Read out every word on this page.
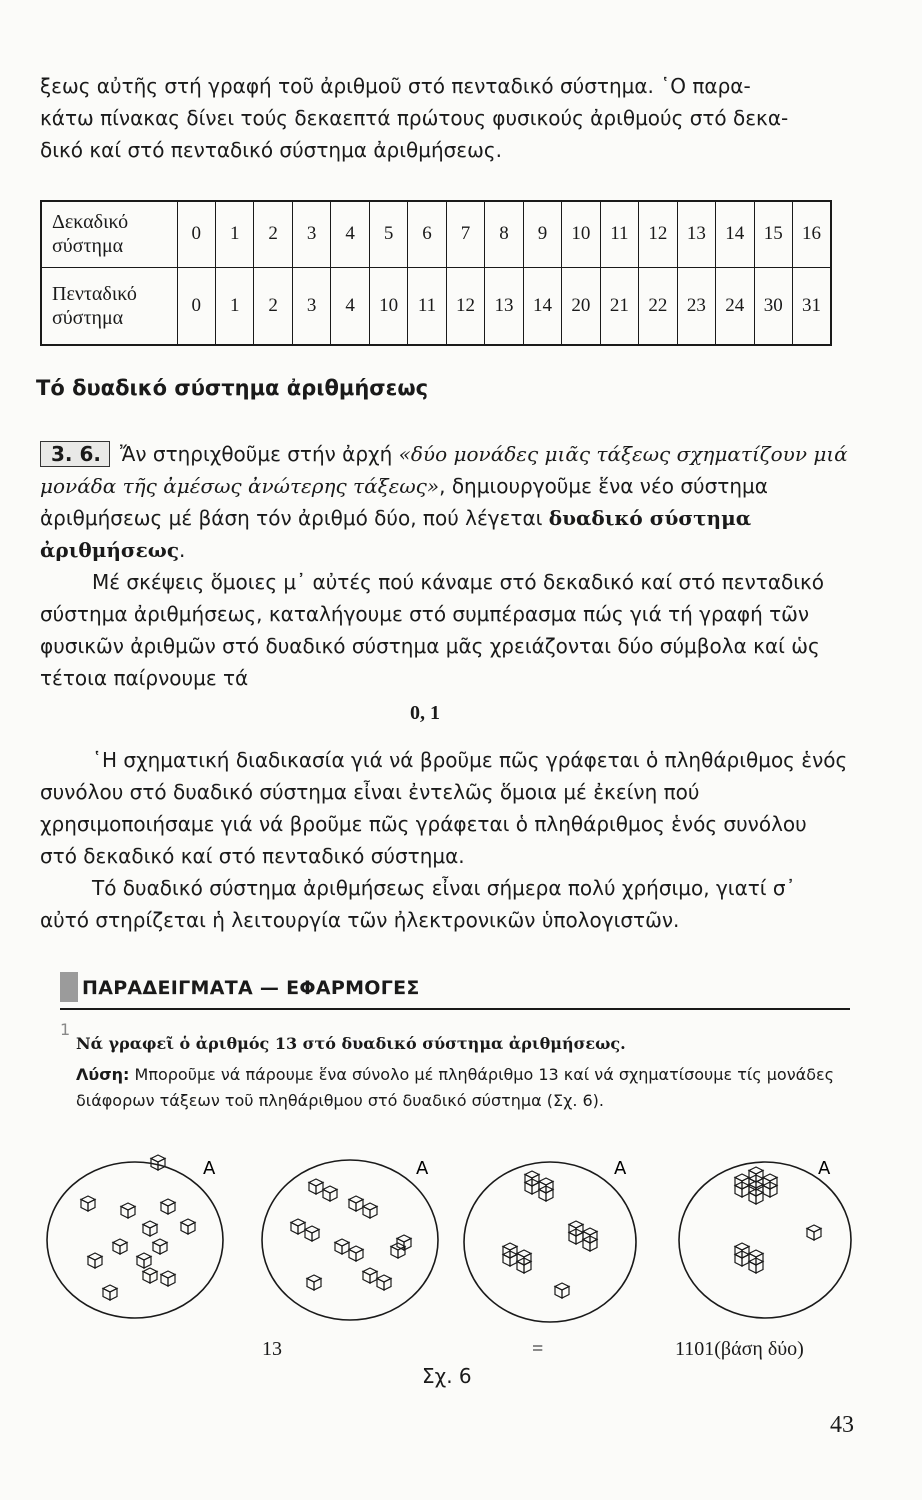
ξεως αὐτῆς στή γραφή τοῦ ἀριθμοῦ στό πενταδικό σύστημα. ῾Ο παρα-
κάτω πίνακας δίνει τούς δεκαεπτά πρώτους φυσικούς ἀριθμούς στό δεκα-
δικό καί στό πενταδικό σύστημα ἀριθμήσεως.
Δεκαδικό
σύστημα	0	1	2	3	4	5	6	7	8	9	10	11	12	13	14	15	16
Πενταδικό
σύστημα	0	1	2	3	4	10	11	12	13	14	20	21	22	23	24	30	31
Τό δυαδικό σύστημα ἀριθμήσεως

3. 6. Ἄν στηριχθοῦμε στήν ἀρχή «δύο μονάδες μιᾶς τάξεως σχηματίζουν μιά μονάδα τῆς ἀμέσως ἀνώτερης τάξεως», δημιουργοῦμε ἕνα νέο σύστημα ἀριθμήσεως μέ βάση τόν ἀριθμό δύο, πού λέγεται δυαδικό σύστημα ἀριθμήσεως.

Μέ σκέψεις ὅμοιες μ᾿ αὐτές πού κάναμε στό δεκαδικό καί στό πενταδικό σύστημα ἀριθμήσεως, καταλήγουμε στό συμπέρασμα πώς γιά τή γραφή τῶν φυσικῶν ἀριθμῶν στό δυαδικό σύστημα μᾶς χρειάζονται δύο σύμβολα καί ὡς τέτοια παίρνουμε τά

0, 1

῾Η σχηματική διαδικασία γιά νά βροῦμε πῶς γράφεται ὁ πληθάριθμος ἑνός συνόλου στό δυαδικό σύστημα εἶναι ἐντελῶς ὅμοια μέ ἐκείνη πού χρησιμοποιήσαμε γιά νά βροῦμε πῶς γράφεται ὁ πληθάριθμος ἑνός συνόλου στό δεκαδικό καί στό πενταδικό σύστημα.

Τό δυαδικό σύστημα ἀριθμήσεως εἶναι σήμερα πολύ χρήσιμο, γιατί σ᾿ αὐτό στηρίζεται ἡ λειτουργία τῶν ἠλεκτρονικῶν ὑπολογιστῶν.

ΠΑΡΑΔΕΙΓΜΑΤΑ — ΕΦΑΡΜΟΓΕΣ
1
Νά γραφεῖ ὁ ἀριθμός 13 στό δυαδικό σύστημα ἀριθμήσεως.
Λύση: Μποροῦμε νά πάρουμε ἕνα σύνολο μέ πληθάριθμο 13 καί νά σχηματίσουμε τίς μονάδες διάφορων τάξεων τοῦ πληθάριθμου στό δυαδικό σύστημα (Σχ. 6).
A	A	A	A
13	=	1101(βάση δύο)
Σχ. 6
43
